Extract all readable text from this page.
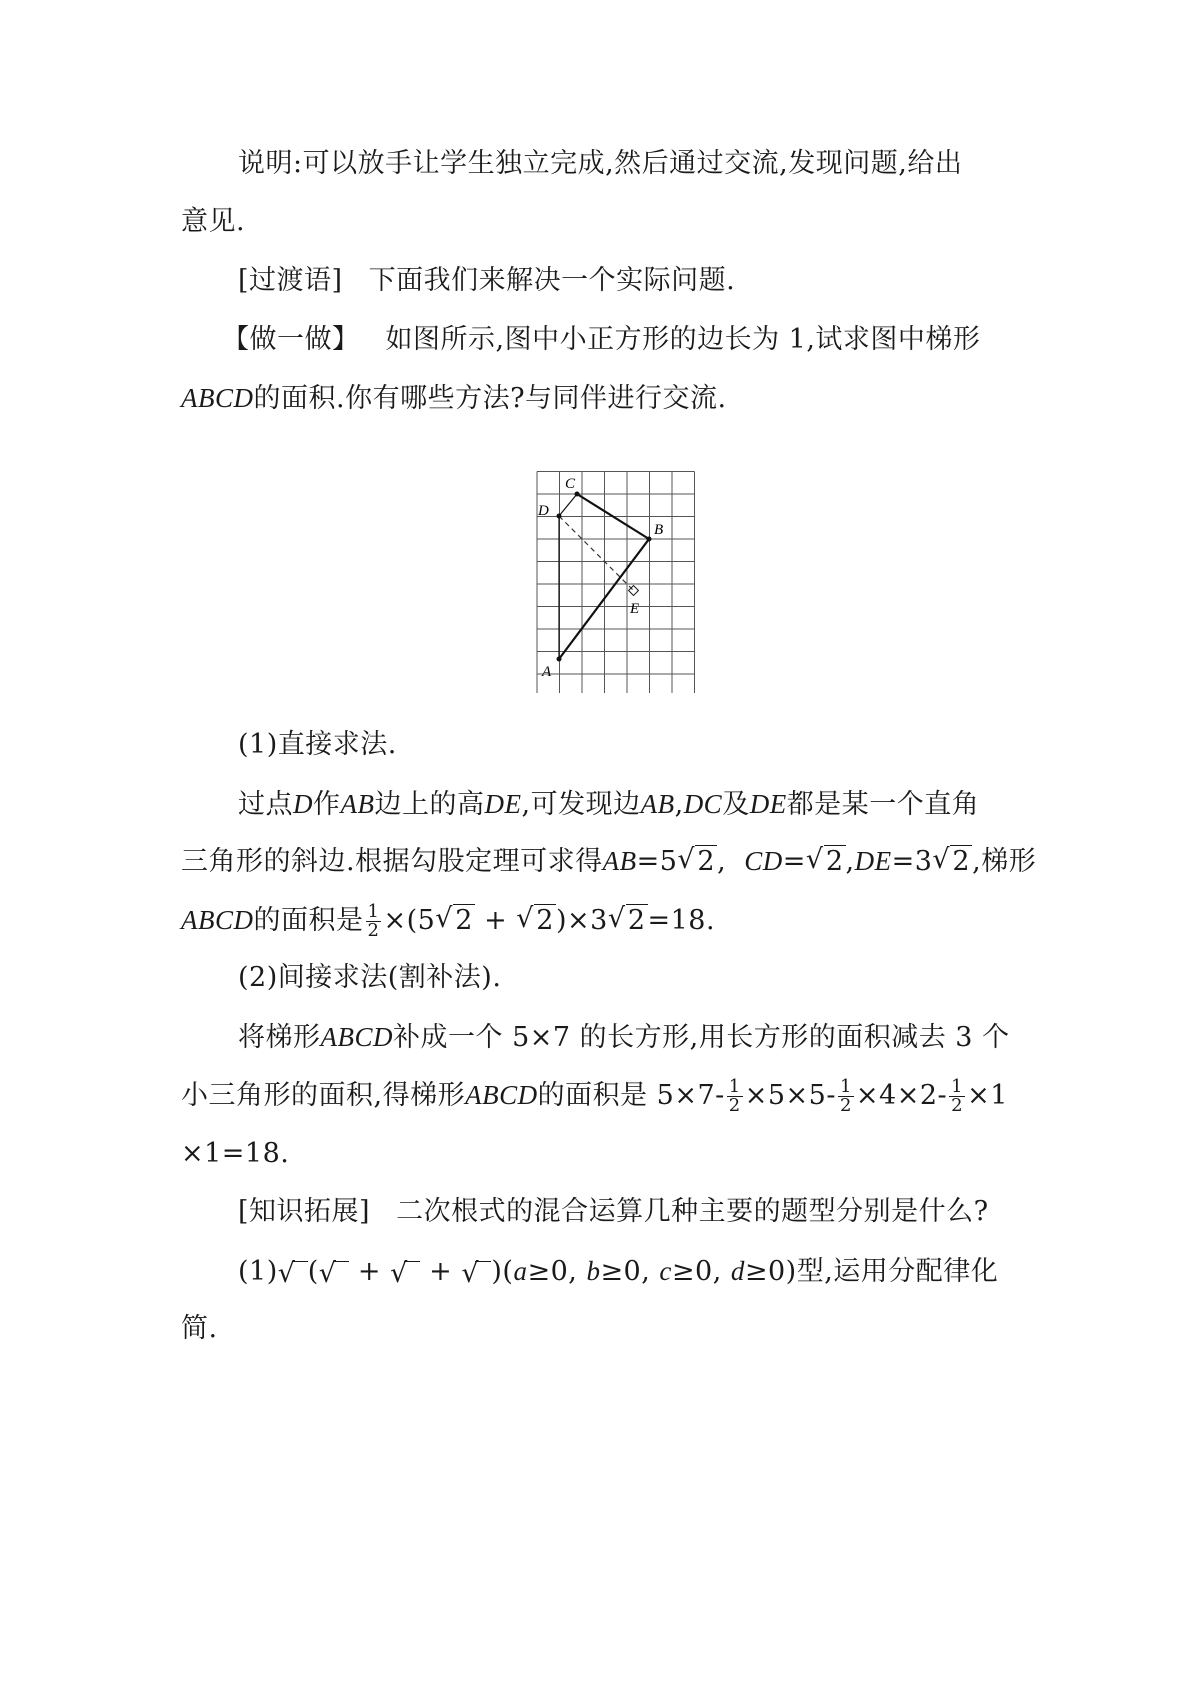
说明:可以放手让学生独立完成,然后通过交流,发现问题,给出
意见.
[过渡语] 下面我们来解决一个实际问题.
【做一做】 如图所示,图中小正方形的边长为 1,试求图中梯形
ABCD的面积.你有哪些方法?与同伴进行交流.
C
D
B
E
A
(1)直接求法.
过点D作AB边上的高DE,可发现边AB,DC及DE都是某一个直角
三角形的斜边.根据勾股定理可求得AB=5√ 2, CD=√ 2,DE=3√ 2,梯形
ABCD的面积是 $\frac{1}{2} \times(5√$ 2 + √ 2)×3√ 2=18.
(2)间接求法(割补法).
将梯形ABCD补成一个 5×7 的长方形,用长方形的面积减去 3 个
小三角形的面积,得梯形ABCD的面积是 $5\times 7- \frac{1}{2} \times 5\times 5- \frac{1}{2} \times 4\times 2- \frac{1}{2} \times 1$
×1=18.
[知识拓展] 二次根式的混合运算几种主要的题型分别是什么?
(1)√ (√ + √ + √)(a≥0, b≥0, c≥0, d≥0)型,运用分配律化
简.
